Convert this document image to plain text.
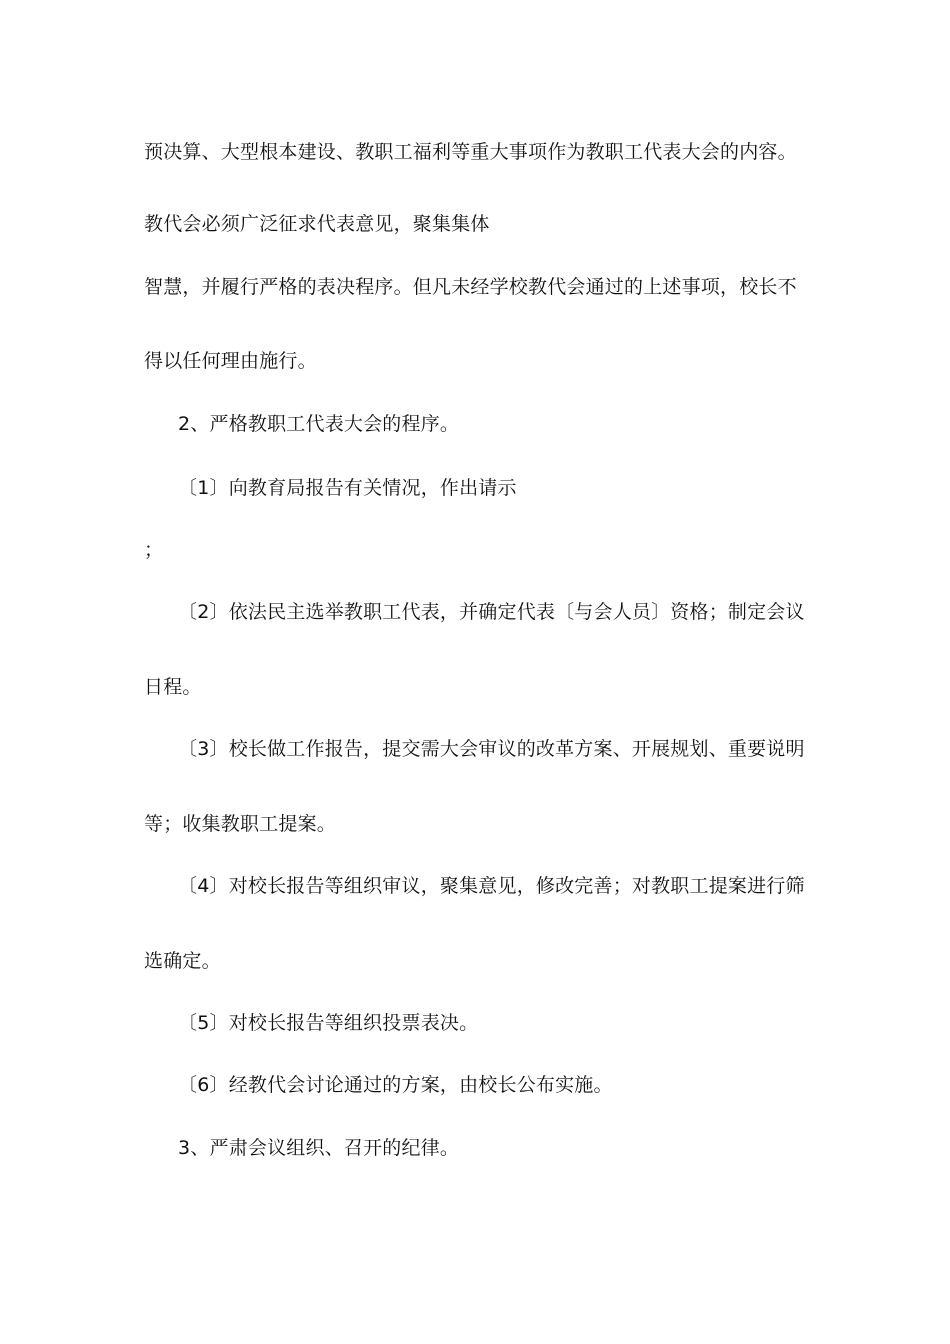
预决算、大型根本建设、教职工福利等重大事项作为教职工代表大会的内容。
教代会必须广泛征求代表意见，聚集集体
智慧，并履行严格的表决程序。但凡未经学校教代会通过的上述事项，校长不
得以任何理由施行。
2、严格教职工代表大会的程序。
〔1〕向教育局报告有关情况，作出请示
；
〔2〕依法民主选举教职工代表，并确定代表〔与会人员〕资格；制定会议
日程。
〔3〕校长做工作报告，提交需大会审议的改革方案、开展规划、重要说明
等；收集教职工提案。
〔4〕对校长报告等组织审议，聚集意见，修改完善；对教职工提案进行筛
选确定。
〔5〕对校长报告等组织投票表决。
〔6〕经教代会讨论通过的方案，由校长公布实施。
3、严肃会议组织、召开的纪律。
